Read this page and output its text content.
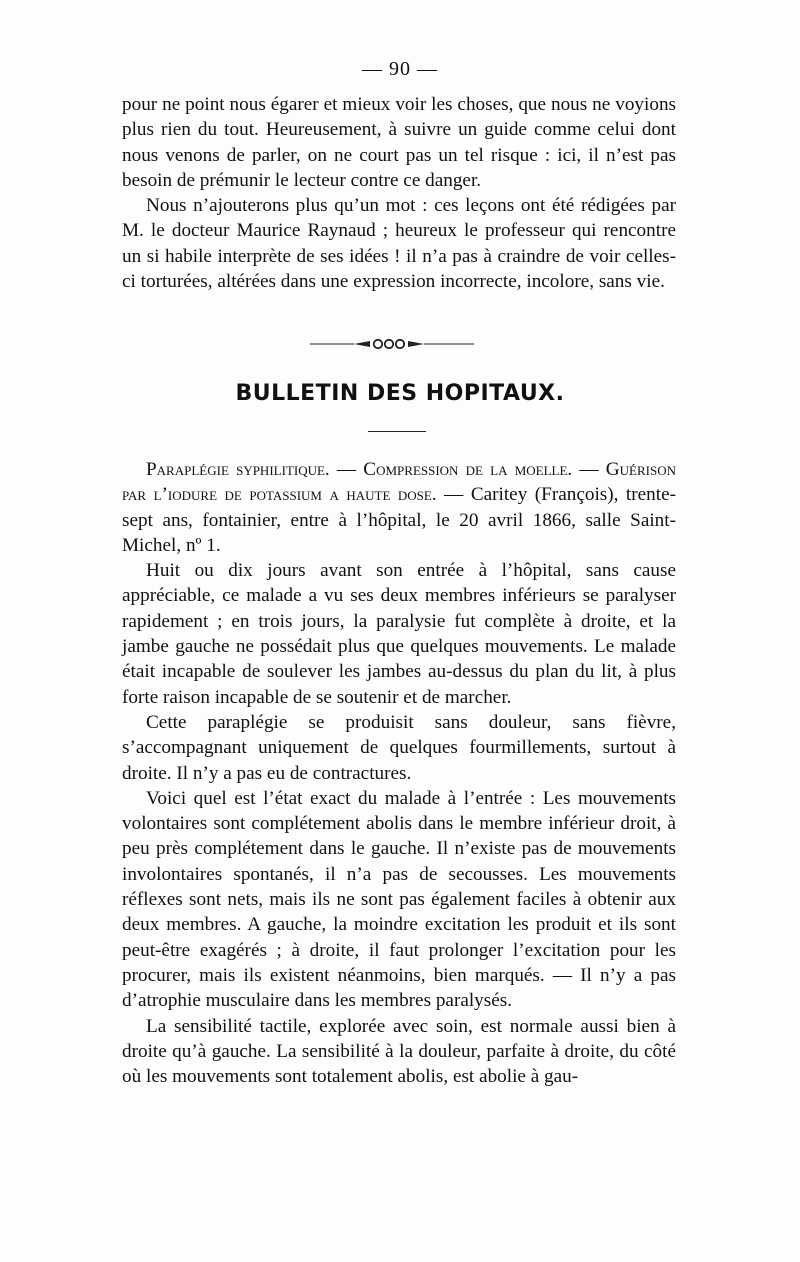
— 90 —

pour ne point nous égarer et mieux voir les choses, que nous ne voyions plus rien du tout. Heureusement, à suivre un guide comme celui dont nous venons de parler, on ne court pas un tel risque : ici, il n’est pas besoin de prémunir le lecteur contre ce danger.

Nous n’ajouterons plus qu’un mot : ces leçons ont été rédigées par M. le docteur Maurice Raynaud ; heureux le professeur qui rencontre un si habile interprète de ses idées ! il n’a pas à craindre de voir celles-ci torturées, altérées dans une expression incorrecte, incolore, sans vie.

BULLETIN DES HOPITAUX.

Paraplégie syphilitique. — Compression de la moelle. — Guérison par l’iodure de potassium a haute dose. — Caritey (François), trente-sept ans, fontainier, entre à l’hôpital, le 20 avril 1866, salle Saint-Michel, nº 1.

Huit ou dix jours avant son entrée à l’hôpital, sans cause appréciable, ce malade a vu ses deux membres inférieurs se paralyser rapidement ; en trois jours, la paralysie fut complète à droite, et la jambe gauche ne possédait plus que quelques mouvements. Le malade était incapable de soulever les jambes au-dessus du plan du lit, à plus forte raison incapable de se soutenir et de marcher.

Cette paraplégie se produisit sans douleur, sans fièvre, s’accompagnant uniquement de quelques fourmillements, surtout à droite. Il n’y a pas eu de contractures.

Voici quel est l’état exact du malade à l’entrée : Les mouvements volontaires sont complétement abolis dans le membre inférieur droit, à peu près complétement dans le gauche. Il n’existe pas de mouvements involontaires spontanés, il n’a pas de secousses. Les mouvements réflexes sont nets, mais ils ne sont pas également faciles à obtenir aux deux membres. A gauche, la moindre excitation les produit et ils sont peut-être exagérés ; à droite, il faut prolonger l’excitation pour les procurer, mais ils existent néanmoins, bien marqués. — Il n’y a pas d’atrophie musculaire dans les membres paralysés.

La sensibilité tactile, explorée avec soin, est normale aussi bien à droite qu’à gauche. La sensibilité à la douleur, parfaite à droite, du côté où les mouvements sont totalement abolis, est abolie à gau-
